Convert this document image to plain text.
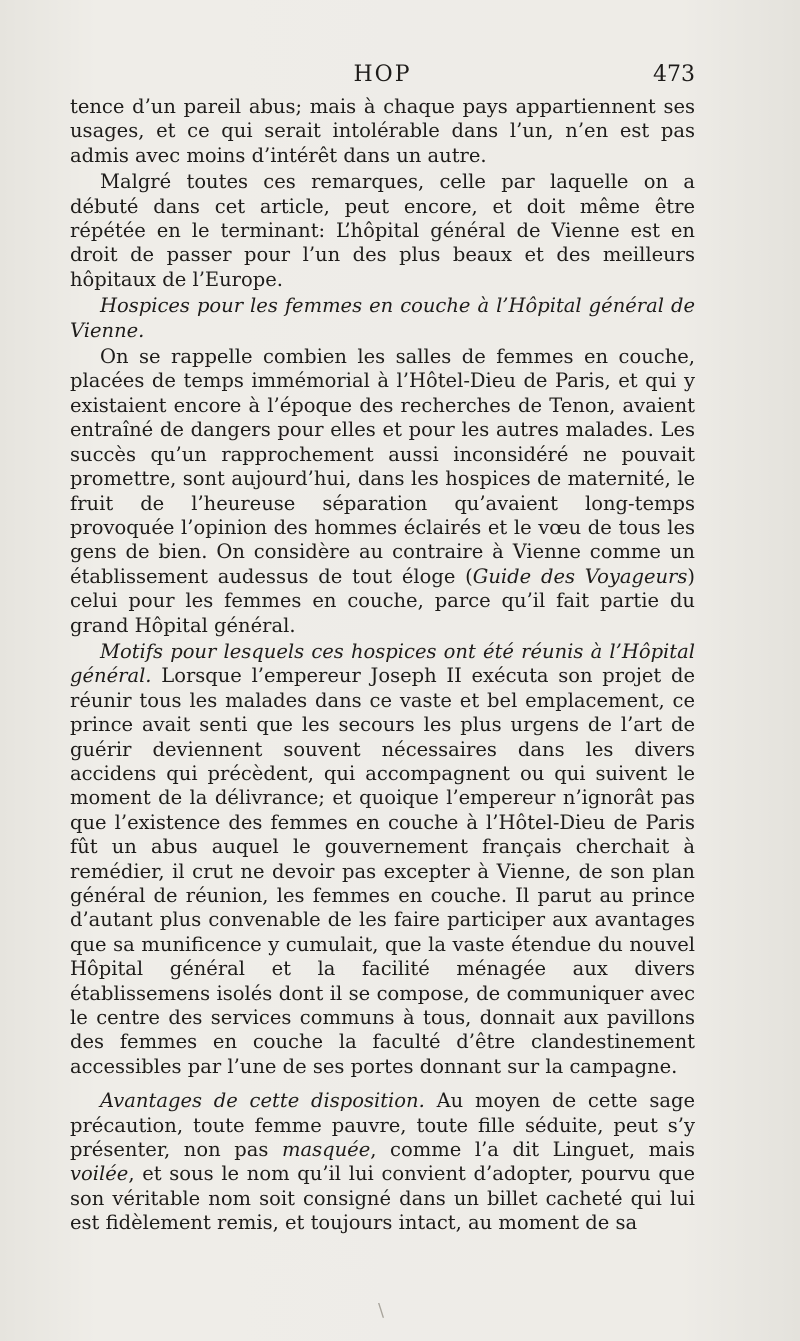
HOP	473

tence d’un pareil abus; mais à chaque pays appartiennent ses usages, et ce qui serait intolérable dans l’un, n’en est pas admis avec moins d’intérêt dans un autre.

Malgré toutes ces remarques, celle par laquelle on a débuté dans cet article, peut encore, et doit même être répétée en le terminant: L’hôpital général de Vienne est en droit de passer pour l’un des plus beaux et des meilleurs hôpitaux de l’Europe.

Hospices pour les femmes en couche à l’Hôpital général de Vienne.

On se rappelle combien les salles de femmes en couche, placées de temps immémorial à l’Hôtel-Dieu de Paris, et qui y existaient encore à l’époque des recherches de Tenon, avaient entraîné de dangers pour elles et pour les autres malades. Les succès qu’un rapprochement aussi inconsidéré ne pouvait promettre, sont aujourd’hui, dans les hospices de maternité, le fruit de l’heureuse séparation qu’avaient long-temps provoquée l’opinion des hommes éclairés et le vœu de tous les gens de bien. On considère au contraire à Vienne comme un établissement audessus de tout éloge (Guide des Voyageurs) celui pour les femmes en couche, parce qu’il fait partie du grand Hôpital général.

Motifs pour lesquels ces hospices ont été réunis à l’Hôpital général. Lorsque l’empereur Joseph II exécuta son projet de réunir tous les malades dans ce vaste et bel emplacement, ce prince avait senti que les secours les plus urgens de l’art de guérir deviennent souvent nécessaires dans les divers accidens qui précèdent, qui accompagnent ou qui suivent le moment de la délivrance; et quoique l’empereur n’ignorât pas que l’existence des femmes en couche à l’Hôtel-Dieu de Paris fût un abus auquel le gouvernement français cherchait à remédier, il crut ne devoir pas excepter à Vienne, de son plan général de réunion, les femmes en couche. Il parut au prince d’autant plus convenable de les faire participer aux avantages que sa munificence y cumulait, que la vaste étendue du nouvel Hôpital général et la facilité ménagée aux divers établissemens isolés dont il se compose, de communiquer avec le centre des services communs à tous, donnait aux pavillons des femmes en couche la faculté d’être clandestinement accessibles par l’une de ses portes donnant sur la campagne.

Avantages de cette disposition. Au moyen de cette sage précaution, toute femme pauvre, toute fille séduite, peut s’y présenter, non pas masquée, comme l’a dit Linguet, mais voilée, et sous le nom qu’il lui convient d’adopter, pourvu que son véritable nom soit consigné dans un billet cacheté qui lui est fidèlement remis, et toujours intact, au moment de sa

\
